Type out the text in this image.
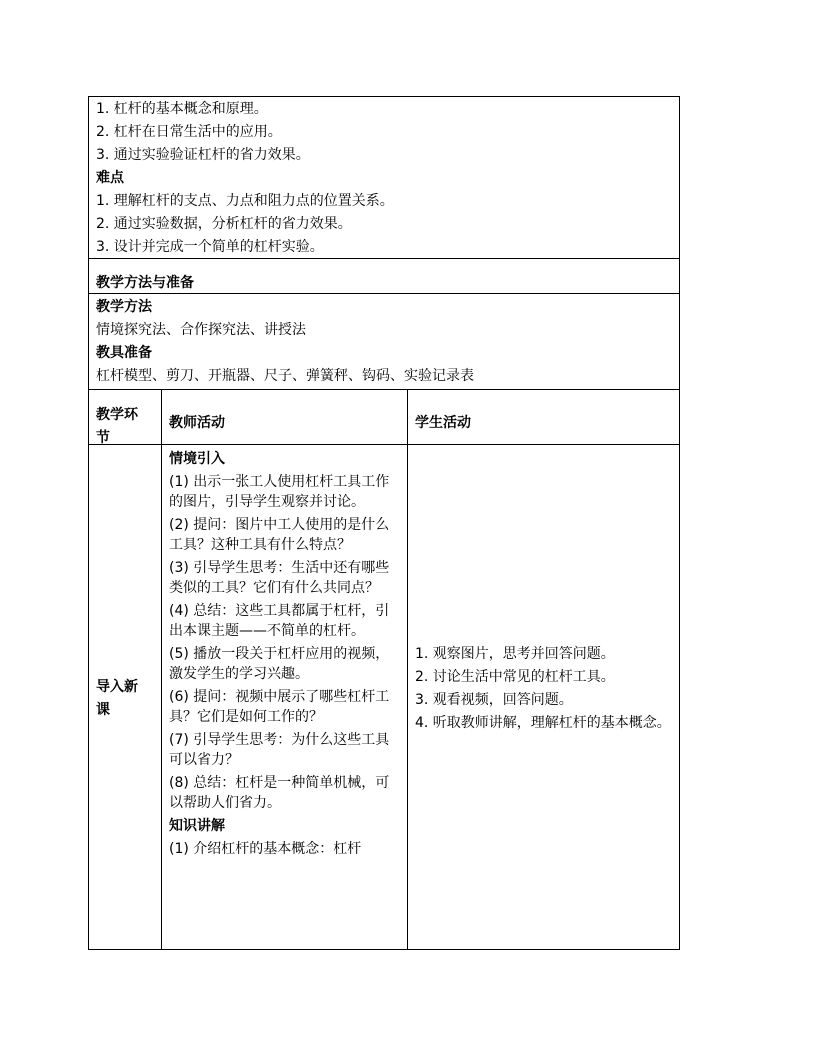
1. 杠杆的基本概念和原理。
2. 杠杆在日常生活中的应用。
3. 通过实验验证杠杆的省力效果。
难点
1. 理解杠杆的支点、力点和阻力点的位置关系。
2. 通过实验数据，分析杠杆的省力效果。
3. 设计并完成一个简单的杠杆实验。
教学方法与准备
教学方法
情境探究法、合作探究法、讲授法
教具准备
杠杆模型、剪刀、开瓶器、尺子、弹簧秤、钩码、实验记录表
教学环
节
教师活动	学生活动
导入新
课
情境引入
(1) 出示一张工人使用杠杆工具工作的图片，引导学生观察并讨论。
(2) 提问：图片中工人使用的是什么工具？这种工具有什么特点？
(3) 引导学生思考：生活中还有哪些类似的工具？它们有什么共同点？
(4) 总结：这些工具都属于杠杆，引出本课主题——不简单的杠杆。
(5) 播放一段关于杠杆应用的视频，激发学生的学习兴趣。
(6) 提问：视频中展示了哪些杠杆工具？它们是如何工作的？
(7) 引导学生思考：为什么这些工具可以省力？
(8) 总结：杠杆是一种简单机械，可以帮助人们省力。
知识讲解
(1) 介绍杠杆的基本概念：杠杆
1. 观察图片，思考并回答问题。
2. 讨论生活中常见的杠杆工具。
3. 观看视频，回答问题。
4. 听取教师讲解，理解杠杆的基本概念。
